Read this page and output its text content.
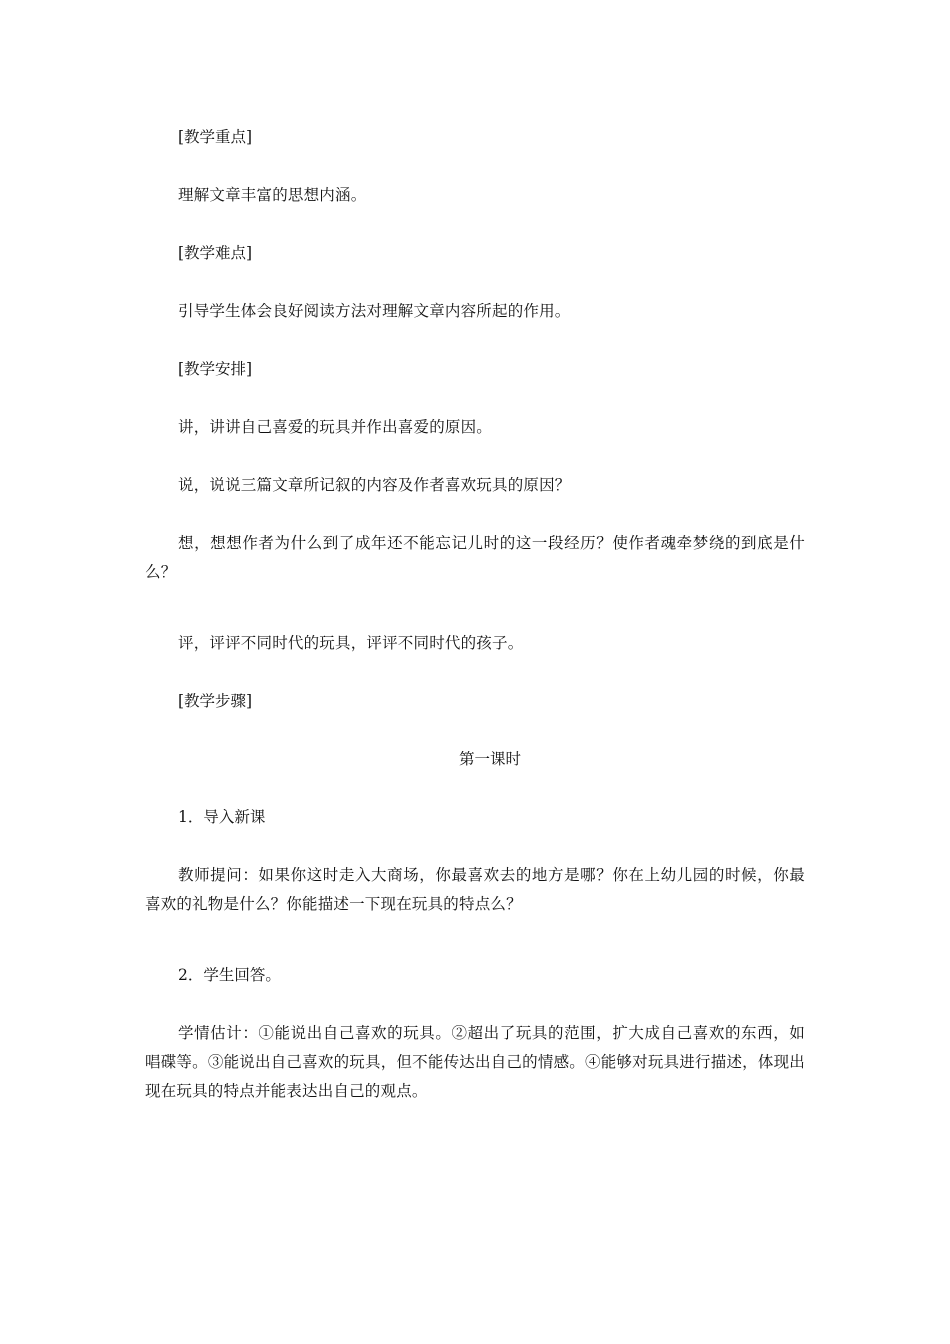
[教学重点]

理解文章丰富的思想内涵。

[教学难点]

引导学生体会良好阅读方法对理解文章内容所起的作用。

[教学安排]

讲，讲讲自己喜爱的玩具并作出喜爱的原因。

说，说说三篇文章所记叙的内容及作者喜欢玩具的原因？

想，想想作者为什么到了成年还不能忘记儿时的这一段经历？使作者魂牵梦绕的到底是什么？

评，评评不同时代的玩具，评评不同时代的孩子。

[教学步骤]

第一课时

1．导入新课

教师提问：如果你这时走入大商场，你最喜欢去的地方是哪？你在上幼儿园的时候，你最喜欢的礼物是什么？你能描述一下现在玩具的特点么？

2．学生回答。

学情估计：①能说出自己喜欢的玩具。②超出了玩具的范围，扩大成自己喜欢的东西，如唱碟等。③能说出自己喜欢的玩具，但不能传达出自己的情感。④能够对玩具进行描述，体现出现在玩具的特点并能表达出自己的观点。
